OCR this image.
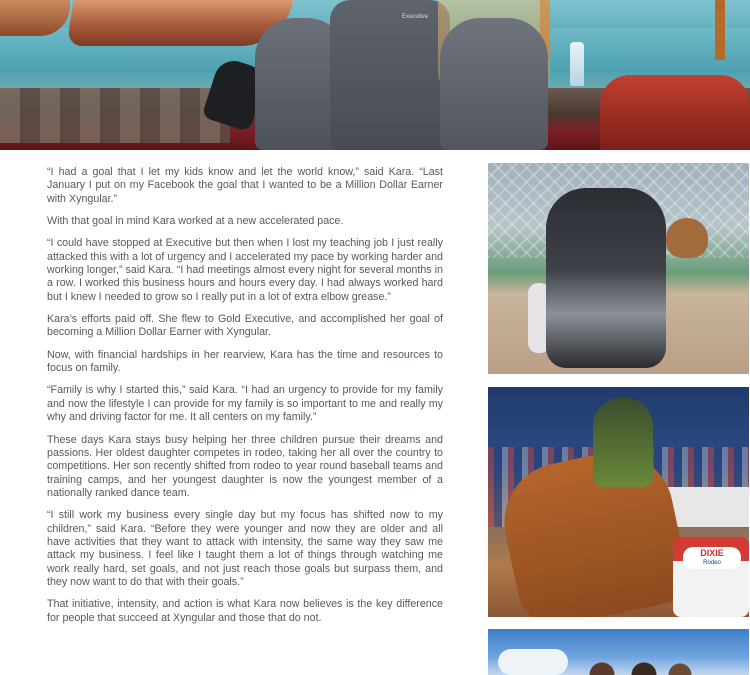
Executive

“I had a goal that I let my kids know and let the world know,” said Kara. “Last January I put on my Facebook the goal that I wanted to be a Million Dollar Earner with Xyngular.”

With that goal in mind Kara worked at a new accelerated pace.

“I could have stopped at Executive but then when I lost my teaching job I just really attacked this with a lot of urgency and I accelerated my pace by working harder and working longer,” said Kara. “I had meetings almost every night for several months in a row. I worked this business hours and hours every day. I had always worked hard but I knew I needed to grow so I really put in a lot of extra elbow grease.”

Kara’s efforts paid off. She flew to Gold Executive, and accomplished her goal of becoming a Million Dollar Earner with Xyngular.

Now, with financial hardships in her rearview, Kara has the time and resources to focus on family.

“Family is why I started this,” said Kara. “I had an urgency to provide for my family and now the lifestyle I can provide for my family is so important to me and really my why and driving factor for me. It all centers on my family.”

These days Kara stays busy helping her three children pursue their dreams and passions. Her oldest daughter competes in rodeo, taking her all over the country to competitions. Her son recently shifted from rodeo to year round baseball teams and training camps, and her youngest daughter is now the youngest member of a nationally ranked dance team.

“I still work my business every single day but my focus has shifted now to my children,” said Kara. “Before they were younger and now they are older and all have activities that they want to attack with intensity, the same way they saw me attack my business. I feel like I taught them a lot of things through watching me work really hard, set goals, and not just reach those goals but surpass them, and they now want to do that with their goals.”

That initiative, intensity, and action is what Kara now believes is the key difference for people that succeed at Xyngular and those that do not.

DIXIE
Rodeo
